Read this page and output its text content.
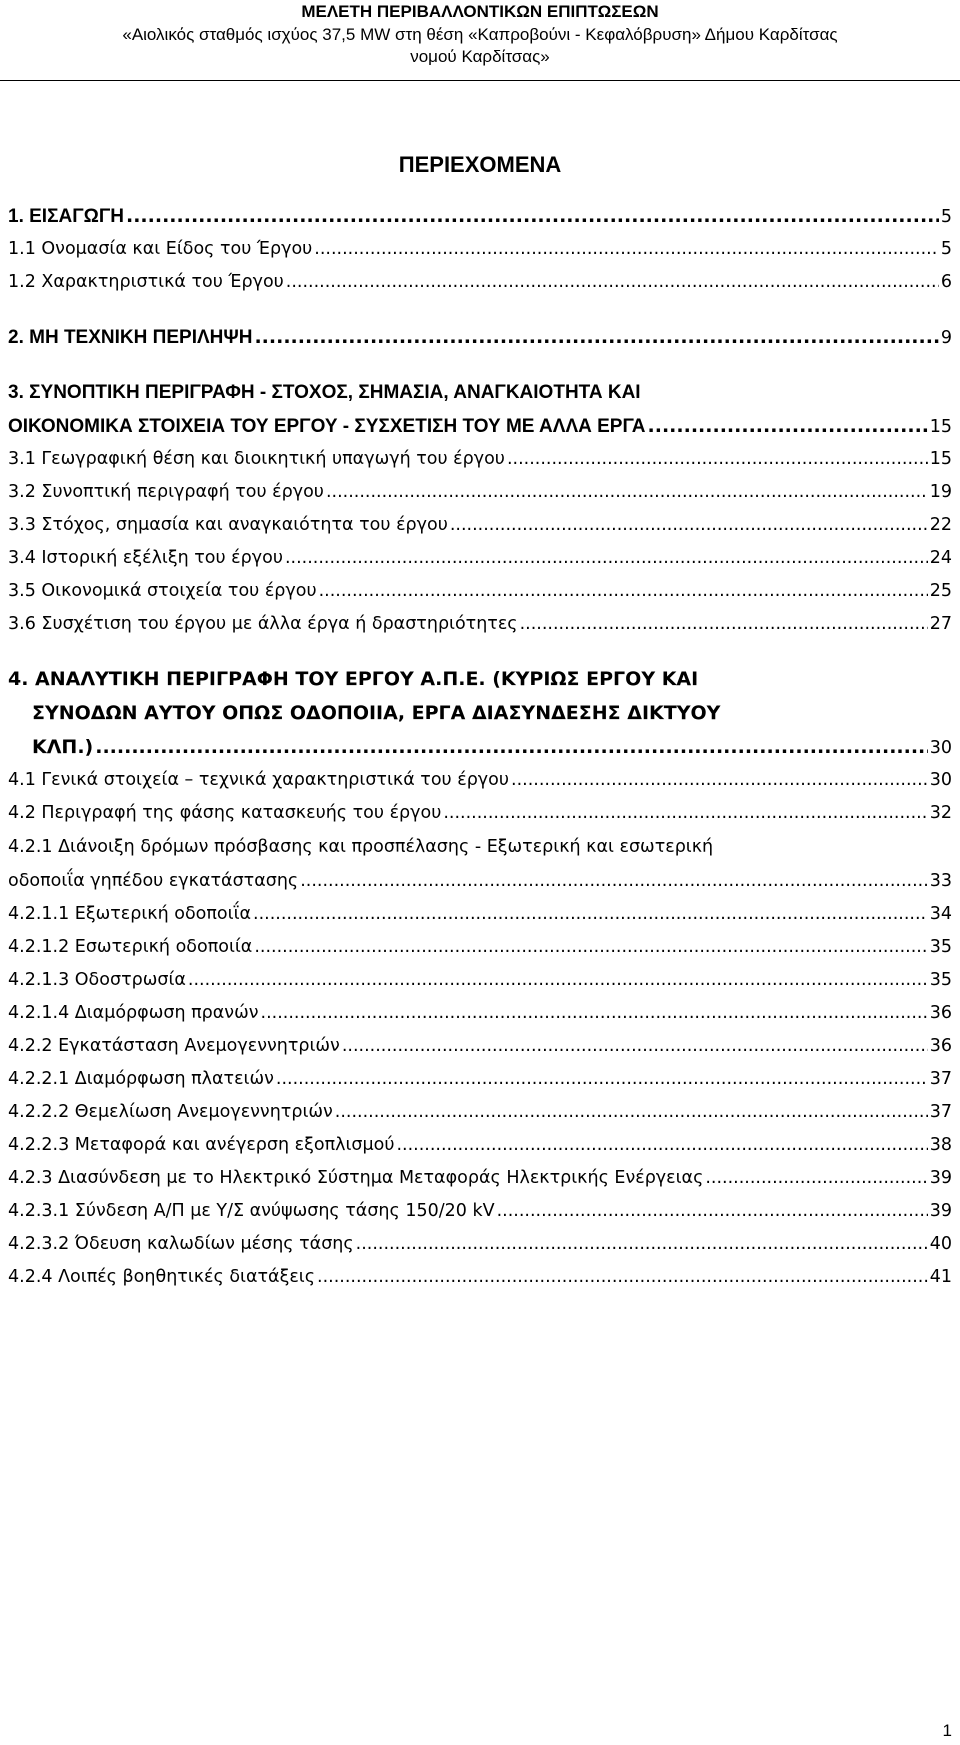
ΜΕΛΕΤΗ ΠΕΡΙΒΑΛΛΟΝΤΙΚΩΝ ΕΠΙΠΤΩΣΕΩΝ
«Αιολικός σταθμός ισχύος 37,5 MW στη θέση «Καπροβούνι - Κεφαλόβρυση» Δήμου Καρδίτσας
νομού Καρδίτσας»
ΠΕΡΙΕΧΟΜΕΝΑ
1. ΕΙΣΑΓΩΓΗ .....	5
1.1 Ονομασία και Είδος του Έργου .....	5
1.2 Χαρακτηριστικά του Έργου .....	6
2. ΜΗ ΤΕΧΝΙΚΗ ΠΕΡΙΛΗΨΗ .....	9
3. ΣΥΝΟΠΤΙΚΗ ΠΕΡΙΓΡΑΦΗ - ΣΤΟΧΟΣ, ΣΗΜΑΣΙΑ, ΑΝΑΓΚΑΙΟΤΗΤΑ ΚΑΙ
ΟΙΚΟΝΟΜΙΚΑ ΣΤΟΙΧΕΙΑ ΤΟΥ ΕΡΓΟΥ - ΣΥΣΧΕΤΙΣΗ ΤΟΥ ΜΕ ΑΛΛΑ ΕΡΓΑ .....	15
3.1 Γεωγραφική θέση και διοικητική υπαγωγή του έργου .....	15
3.2 Συνοπτική περιγραφή του έργου .....	19
3.3 Στόχος, σημασία και αναγκαιότητα του έργου .....	22
3.4 Ιστορική εξέλιξη του έργου .....	24
3.5 Οικονομικά στοιχεία του έργου .....	25
3.6 Συσχέτιση του έργου με άλλα έργα ή δραστηριότητες .....	27
4. ΑΝΑΛΥΤΙΚΗ ΠΕΡΙΓΡΑΦΗ ΤΟΥ ΕΡΓΟΥ Α.Π.Ε. (ΚΥΡΙΩΣ ΕΡΓΟΥ ΚΑΙ
ΣΥΝΟΔΩΝ ΑΥΤΟΥ ΟΠΩΣ ΟΔΟΠΟΙΙΑ, ΕΡΓΑ ΔΙΑΣΥΝΔΕΣΗΣ ΔΙΚΤΥΟΥ
ΚΛΠ.) .....	30
4.1 Γενικά στοιχεία – τεχνικά χαρακτηριστικά του έργου .....	30
4.2 Περιγραφή της φάσης κατασκευής του έργου .....	32
4.2.1 Διάνοιξη δρόμων πρόσβασης και προσπέλασης - Εξωτερική και εσωτερική
οδοποιΐα γηπέδου εγκατάστασης .....	33
4.2.1.1 Εξωτερική οδοποιΐα .....	34
4.2.1.2 Εσωτερική οδοποιία .....	35
4.2.1.3 Οδοστρωσία .....	35
4.2.1.4 Διαμόρφωση πρανών .....	36
4.2.2 Εγκατάσταση Ανεμογεννητριών .....	36
4.2.2.1 Διαμόρφωση πλατειών .....	37
4.2.2.2 Θεμελίωση Ανεμογεννητριών .....	37
4.2.2.3 Μεταφορά και ανέγερση εξοπλισμού .....	38
4.2.3 Διασύνδεση με το Ηλεκτρικό Σύστημα Μεταφοράς Ηλεκτρικής Ενέργειας .....	39
4.2.3.1 Σύνδεση Α/Π με Υ/Σ ανύψωσης τάσης 150/20 kV .....	39
4.2.3.2 Όδευση καλωδίων μέσης τάσης .....	40
4.2.4 Λοιπές βοηθητικές διατάξεις .....	41
1
